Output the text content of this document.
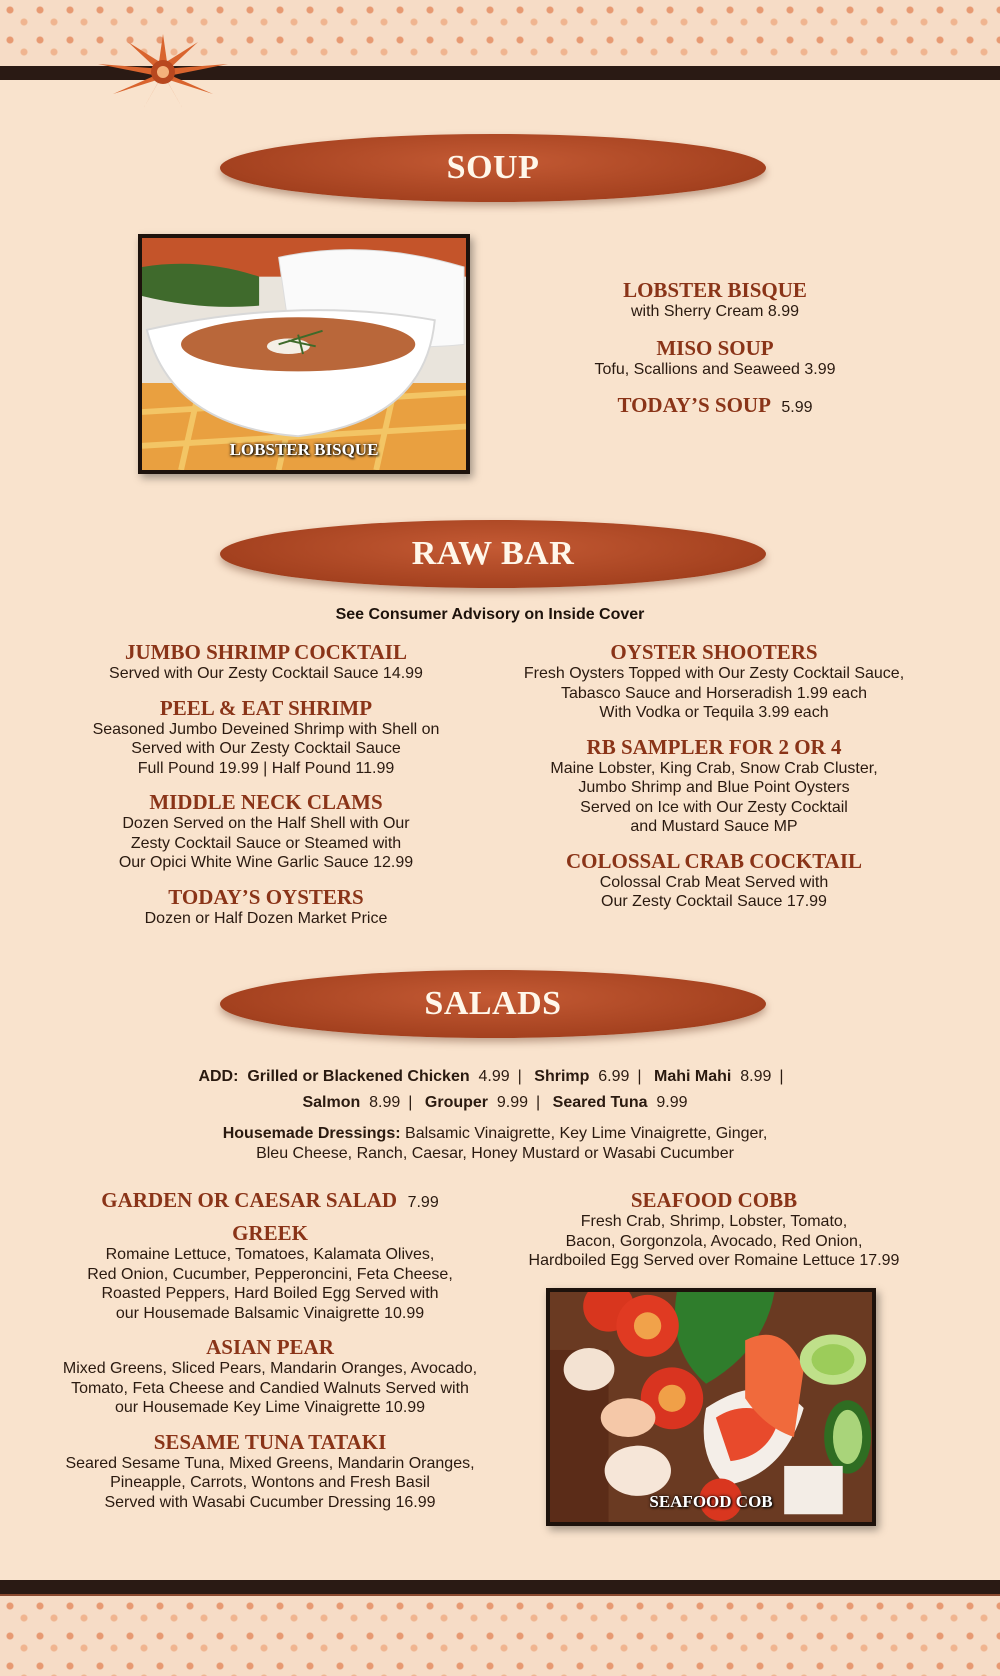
SOUP
LOBSTER BISQUE
LOBSTER BISQUE
with Sherry Cream 8.99
MISO SOUP
Tofu, Scallions and Seaweed 3.99
TODAY’S SOUP 5.99
RAW BAR
See Consumer Advisory on Inside Cover
JUMBO SHRIMP COCKTAIL
Served with Our Zesty Cocktail Sauce 14.99
PEEL & EAT SHRIMP
Seasoned Jumbo Deveined Shrimp with Shell on
Served with Our Zesty Cocktail Sauce
Full Pound 19.99 | Half Pound 11.99
MIDDLE NECK CLAMS
Dozen Served on the Half Shell with Our
Zesty Cocktail Sauce or Steamed with
Our Opici White Wine Garlic Sauce 12.99
TODAY’S OYSTERS
Dozen or Half Dozen Market Price
OYSTER SHOOTERS
Fresh Oysters Topped with Our Zesty Cocktail Sauce,
Tabasco Sauce and Horseradish 1.99 each
With Vodka or Tequila 3.99 each
RB SAMPLER FOR 2 OR 4
Maine Lobster, King Crab, Snow Crab Cluster,
Jumbo Shrimp and Blue Point Oysters
Served on Ice with Our Zesty Cocktail
and Mustard Sauce MP
COLOSSAL CRAB COCKTAIL
Colossal Crab Meat Served with
Our Zesty Cocktail Sauce 17.99
SALADS
ADD: Grilled or Blackened Chicken 4.99 | Shrimp 6.99 | Mahi Mahi 8.99 |
Salmon 8.99 | Grouper 9.99 | Seared Tuna 9.99
Housemade Dressings: Balsamic Vinaigrette, Key Lime Vinaigrette, Ginger,
Bleu Cheese, Ranch, Caesar, Honey Mustard or Wasabi Cucumber
GARDEN OR CAESAR SALAD 7.99
GREEK
Romaine Lettuce, Tomatoes, Kalamata Olives,
Red Onion, Cucumber, Pepperoncini, Feta Cheese,
Roasted Peppers, Hard Boiled Egg Served with
our Housemade Balsamic Vinaigrette 10.99
ASIAN PEAR
Mixed Greens, Sliced Pears, Mandarin Oranges, Avocado,
Tomato, Feta Cheese and Candied Walnuts Served with
our Housemade Key Lime Vinaigrette 10.99
SESAME TUNA TATAKI
Seared Sesame Tuna, Mixed Greens, Mandarin Oranges,
Pineapple, Carrots, Wontons and Fresh Basil
Served with Wasabi Cucumber Dressing 16.99
SEAFOOD COBB
Fresh Crab, Shrimp, Lobster, Tomato,
Bacon, Gorgonzola, Avocado, Red Onion,
Hardboiled Egg Served over Romaine Lettuce 17.99
SEAFOOD COB
